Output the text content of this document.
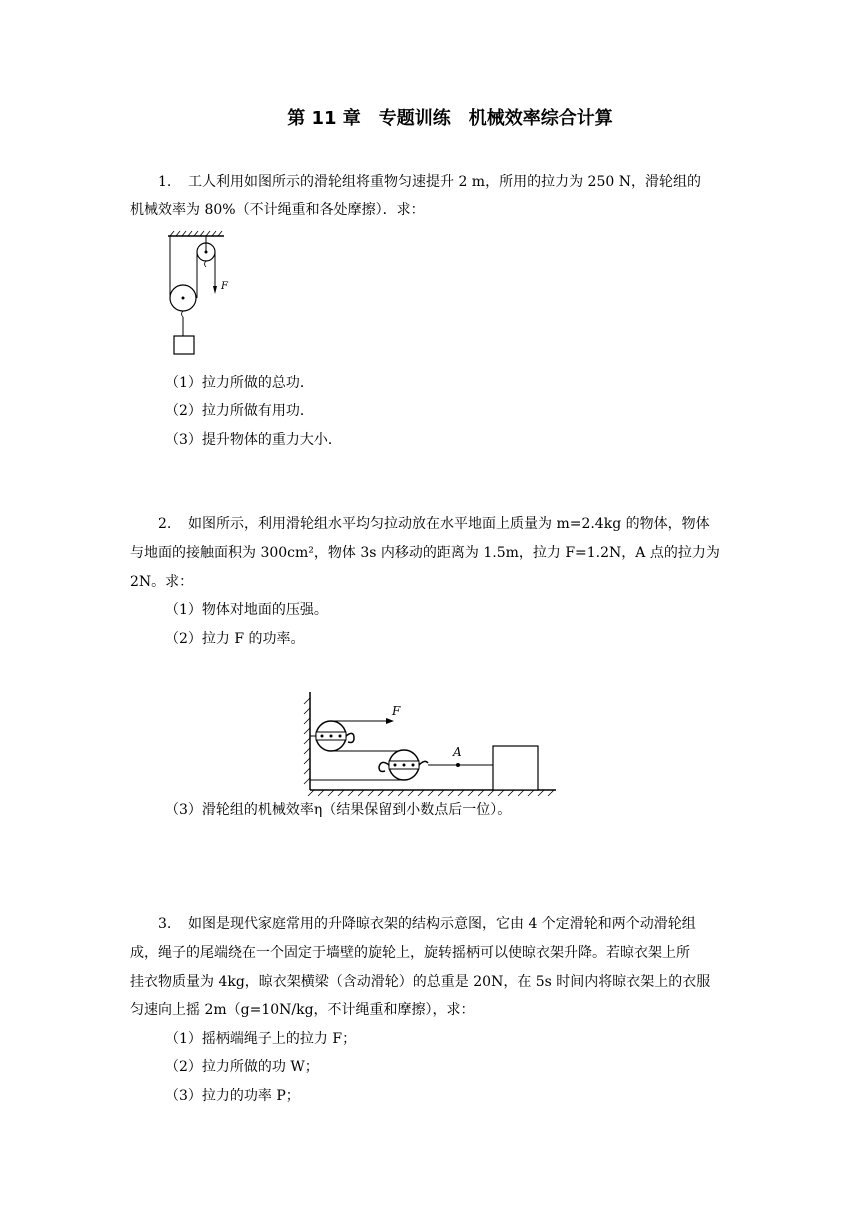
第 11 章　专题训练　机械效率综合计算
1. 工人利用如图所示的滑轮组将重物匀速提升 2 m，所用的拉力为 250 N，滑轮组的
机械效率为 80%（不计绳重和各处摩擦）．求：
F
（1）拉力所做的总功．
（2）拉力所做有用功．
（3）提升物体的重力大小．
2. 如图所示，利用滑轮组水平均匀拉动放在水平地面上质量为 m=2.4kg 的物体，物体
与地面的接触面积为 300cm²，物体 3s 内移动的距离为 1.5m，拉力 F=1.2N，A 点的拉力为
2N。求：
（1）物体对地面的压强。
（2）拉力 F 的功率。
F
A
（3）滑轮组的机械效率η（结果保留到小数点后一位）。
3. 如图是现代家庭常用的升降晾衣架的结构示意图，它由 4 个定滑轮和两个动滑轮组
成，绳子的尾端绕在一个固定于墙壁的旋轮上，旋转摇柄可以使晾衣架升降。若晾衣架上所
挂衣物质量为 4kg，晾衣架横梁（含动滑轮）的总重是 20N，在 5s 时间内将晾衣架上的衣服
匀速向上摇 2m（g=10N/kg，不计绳重和摩擦），求：
（1）摇柄端绳子上的拉力 F；
（2）拉力所做的功 W；
（3）拉力的功率 P；
